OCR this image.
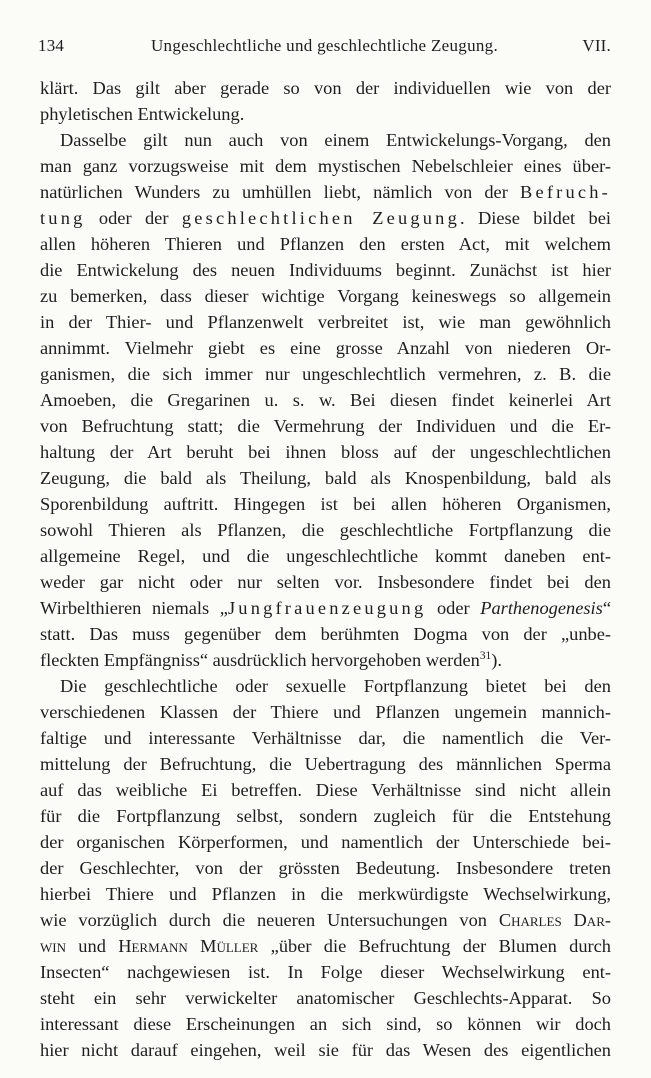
134	Ungeschlechtliche und geschlechtliche Zeugung.	VII.
klärt. Das gilt aber gerade so von der individuellen wie von der
phyletischen Entwickelung.
Dasselbe gilt nun auch von einem Entwickelungs-Vorgang, den
man ganz vorzugsweise mit dem mystischen Nebelschleier eines über-
natürlichen Wunders zu umhüllen liebt, nämlich von der Befruch-
tung oder der geschlechtlichen Zeugung. Diese bildet bei
allen höheren Thieren und Pflanzen den ersten Act, mit welchem
die Entwickelung des neuen Individuums beginnt. Zunächst ist hier
zu bemerken, dass dieser wichtige Vorgang keineswegs so allgemein
in der Thier- und Pflanzenwelt verbreitet ist, wie man gewöhnlich
annimmt. Vielmehr giebt es eine grosse Anzahl von niederen Or-
ganismen, die sich immer nur ungeschlechtlich vermehren, z. B. die
Amoeben, die Gregarinen u. s. w. Bei diesen findet keinerlei Art
von Befruchtung statt; die Vermehrung der Individuen und die Er-
haltung der Art beruht bei ihnen bloss auf der ungeschlechtlichen
Zeugung, die bald als Theilung, bald als Knospenbildung, bald als
Sporenbildung auftritt. Hingegen ist bei allen höheren Organismen,
sowohl Thieren als Pflanzen, die geschlechtliche Fortpflanzung die
allgemeine Regel, und die ungeschlechtliche kommt daneben ent-
weder gar nicht oder nur selten vor. Insbesondere findet bei den
Wirbelthieren niemals „Jungfrauenzeugung oder Parthenogenesis“
statt. Das muss gegenüber dem berühmten Dogma von der „unbe-
fleckten Empfängniss“ ausdrücklich hervorgehoben werden$^{31}$).
Die geschlechtliche oder sexuelle Fortpflanzung bietet bei den
verschiedenen Klassen der Thiere und Pflanzen ungemein mannich-
faltige und interessante Verhältnisse dar, die namentlich die Ver-
mittelung der Befruchtung, die Uebertragung des männlichen Sperma
auf das weibliche Ei betreffen. Diese Verhältnisse sind nicht allein
für die Fortpflanzung selbst, sondern zugleich für die Entstehung
der organischen Körperformen, und namentlich der Unterschiede bei-
der Geschlechter, von der grössten Bedeutung. Insbesondere treten
hierbei Thiere und Pflanzen in die merkwürdigste Wechselwirkung,
wie vorzüglich durch die neueren Untersuchungen von Charles Dar-
win und Hermann Müller „über die Befruchtung der Blumen durch
Insecten“ nachgewiesen ist. In Folge dieser Wechselwirkung ent-
steht ein sehr verwickelter anatomischer Geschlechts-Apparat. So
interessant diese Erscheinungen an sich sind, so können wir doch
hier nicht darauf eingehen, weil sie für das Wesen des eigentlichen
